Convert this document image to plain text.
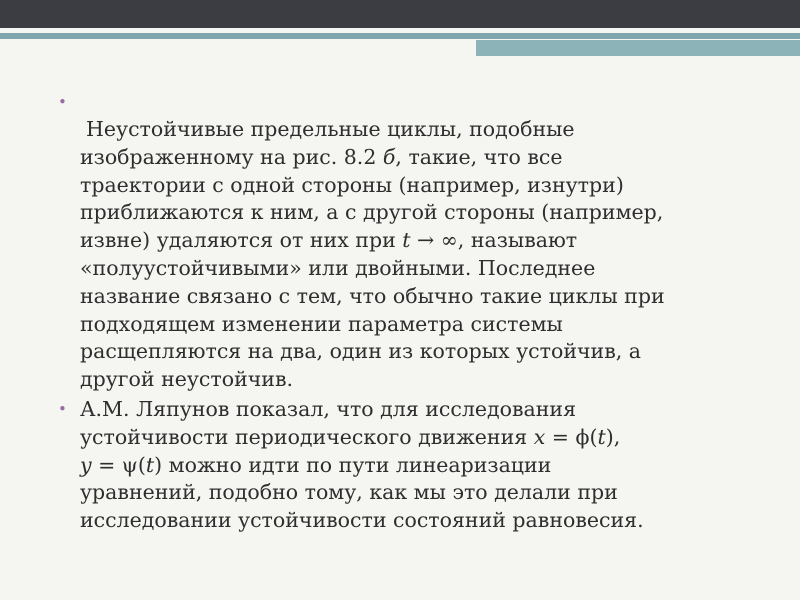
•
Неустойчивые предельные циклы, подобные
изображенному на рис. 8.2 б, такие, что все
траектории с одной стороны (например, изнутри)
приближаются к ним, а с другой стороны (например,
извне) удаляются от них при t → ∞, называют
«полуустойчивыми» или двойными. Последнее
название связано с тем, что обычно такие циклы при
подходящем изменении параметра системы
расщепляются на два, один из которых устойчив, а
другой неустойчив.
• А.М. Ляпунов показал, что для исследования
устойчивости периодического движения x = ϕ(t),
y = ψ(t) можно идти по пути линеаризации
уравнений, подобно тому, как мы это делали при
исследовании устойчивости состояний равновесия.
